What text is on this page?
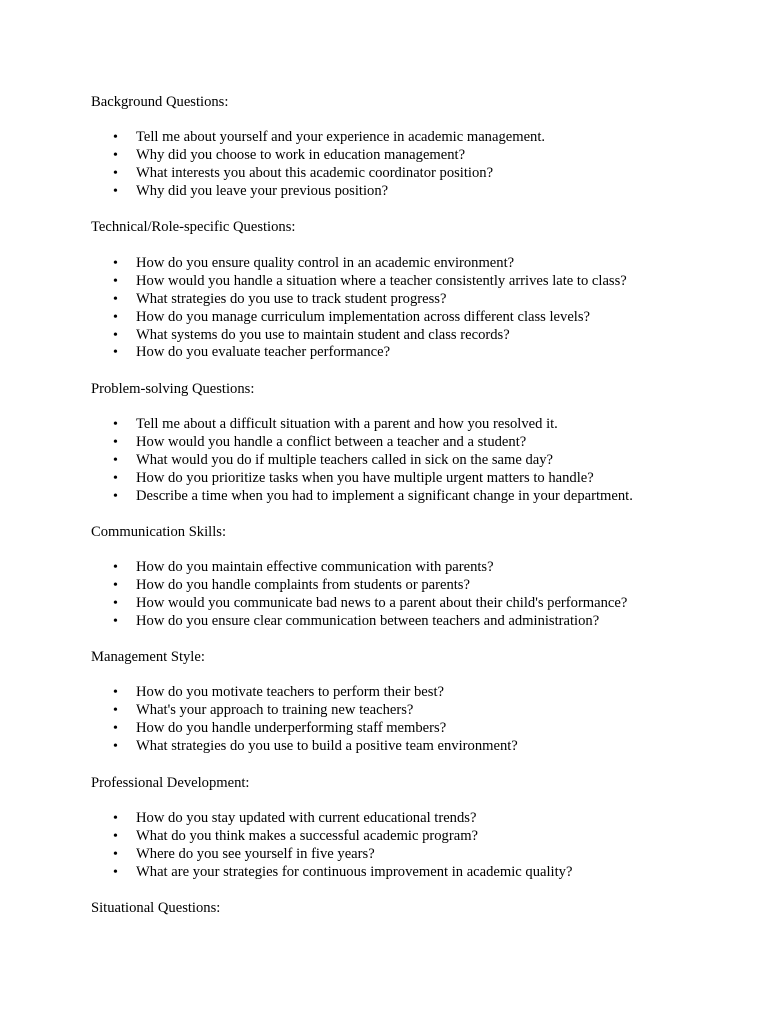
Background Questions:
• Tell me about yourself and your experience in academic management.
• Why did you choose to work in education management?
• What interests you about this academic coordinator position?
• Why did you leave your previous position?
Technical/Role-specific Questions:
• How do you ensure quality control in an academic environment?
• How would you handle a situation where a teacher consistently arrives late to class?
• What strategies do you use to track student progress?
• How do you manage curriculum implementation across different class levels?
• What systems do you use to maintain student and class records?
• How do you evaluate teacher performance?
Problem-solving Questions:
• Tell me about a difficult situation with a parent and how you resolved it.
• How would you handle a conflict between a teacher and a student?
• What would you do if multiple teachers called in sick on the same day?
• How do you prioritize tasks when you have multiple urgent matters to handle?
• Describe a time when you had to implement a significant change in your department.
Communication Skills:
• How do you maintain effective communication with parents?
• How do you handle complaints from students or parents?
• How would you communicate bad news to a parent about their child's performance?
• How do you ensure clear communication between teachers and administration?
Management Style:
• How do you motivate teachers to perform their best?
• What's your approach to training new teachers?
• How do you handle underperforming staff members?
• What strategies do you use to build a positive team environment?
Professional Development:
• How do you stay updated with current educational trends?
• What do you think makes a successful academic program?
• Where do you see yourself in five years?
• What are your strategies for continuous improvement in academic quality?
Situational Questions:
